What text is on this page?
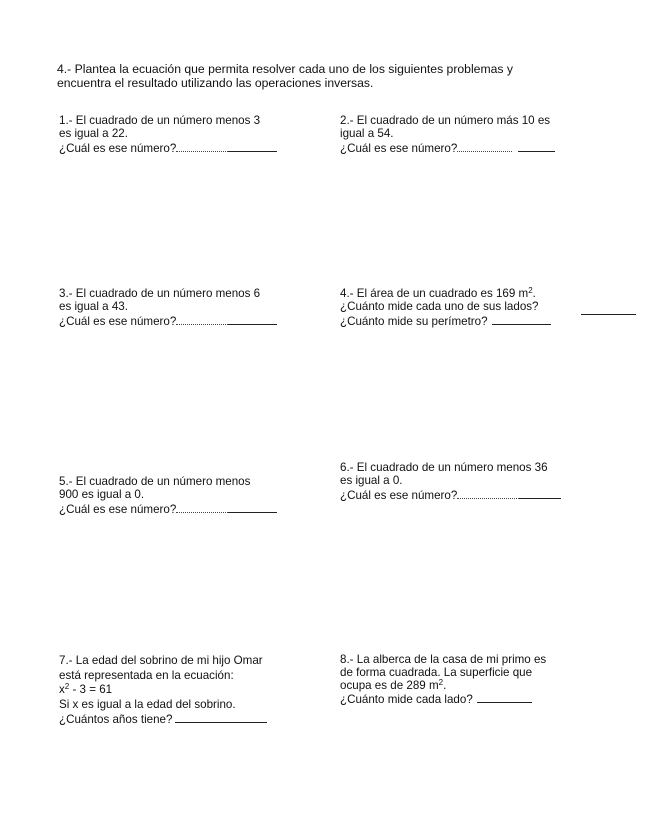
4.- Plantea la ecuación que permita resolver cada uno de los siguientes problemas y
encuentra el resultado utilizando las operaciones inversas.
1.- El cuadrado de un número menos 3
es igual a 22.
¿Cuál es ese número?
2.- El cuadrado de un número más 10 es
igual a 54.
¿Cuál es ese número?
3.- El cuadrado de un número menos 6
es igual a 43.
¿Cuál es ese número?
4.- El área de un cuadrado es 169 $m^2$.
¿Cuánto mide cada uno de sus lados?
¿Cuánto mide su perímetro?
5.- El cuadrado de un número menos
900 es igual a 0.
¿Cuál es ese número?
6.- El cuadrado de un número menos 36
es igual a 0.
¿Cuál es ese número?
7.- La edad del sobrino de mi hijo Omar
está representada en la ecuación:
$x^2 - 3 = 61$
Si x es igual a la edad del sobrino.
¿Cuántos años tiene?
8.- La alberca de la casa de mi primo es
de forma cuadrada. La superficie que
ocupa es de 289 $m^2$.
¿Cuánto mide cada lado?
